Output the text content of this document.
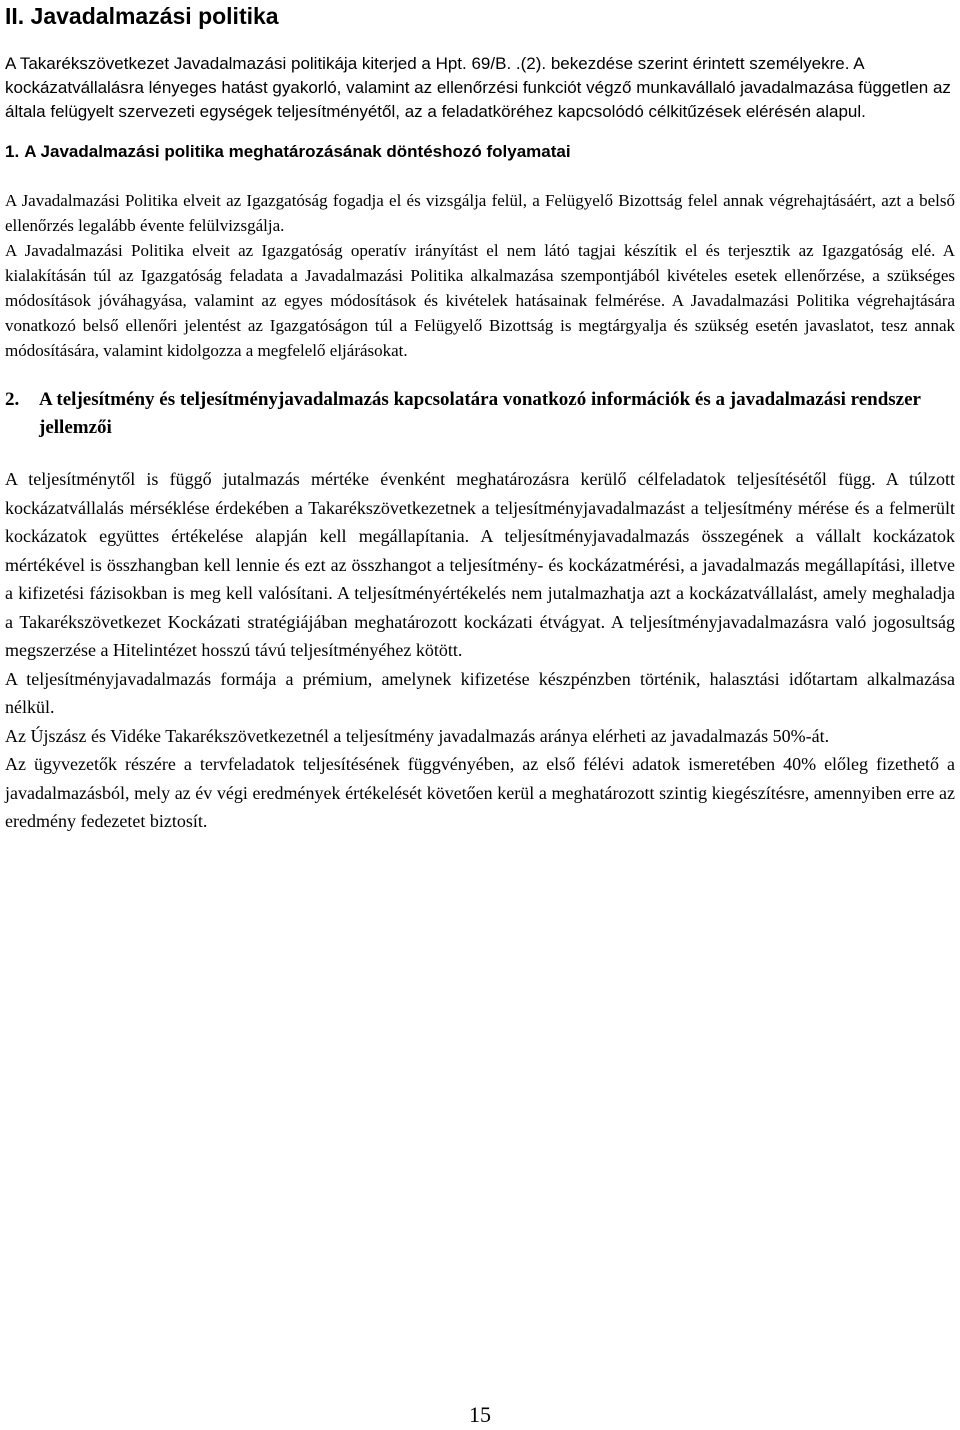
II. Javadalmazási politika

A Takarékszövetkezet Javadalmazási politikája kiterjed a Hpt. 69/B. .(2). bekezdése szerint érintett személyekre. A kockázatvállalásra lényeges hatást gyakorló, valamint az ellenőrzési funkciót végző munkavállaló javadalmazása független az általa felügyelt szervezeti egységek teljesítményétől, az a feladatköréhez kapcsolódó célkitűzések elérésén alapul.

1. A Javadalmazási politika meghatározásának döntéshozó folyamatai

A Javadalmazási Politika elveit az Igazgatóság fogadja el és vizsgálja felül, a Felügyelő Bizottság felel annak végrehajtásáért, azt a belső ellenőrzés legalább évente felülvizsgálja.

A Javadalmazási Politika elveit az Igazgatóság operatív irányítást el nem látó tagjai készítik el és terjesztik az Igazgatóság elé. A kialakításán túl az Igazgatóság feladata a Javadalmazási Politika alkalmazása szempontjából kivételes esetek ellenőrzése, a szükséges módosítások jóváhagyása, valamint az egyes módosítások és kivételek hatásainak felmérése. A Javadalmazási Politika végrehajtására vonatkozó belső ellenőri jelentést az Igazgatóságon túl a Felügyelő Bizottság is megtárgyalja és szükség esetén javaslatot, tesz annak módosítására, valamint kidolgozza a megfelelő eljárásokat.

2.	A teljesítmény és teljesítményjavadalmazás kapcsolatára vonatkozó információk és a javadalmazási rendszer jellemzői

A teljesítménytől is függő jutalmazás mértéke évenként meghatározásra kerülő célfeladatok teljesítésétől függ. A túlzott kockázatvállalás mérséklése érdekében a Takarékszövetkezetnek a teljesítményjavadalmazást a teljesítmény mérése és a felmerült kockázatok együttes értékelése alapján kell megállapítania. A teljesítményjavadalmazás összegének a vállalt kockázatok mértékével is összhangban kell lennie és ezt az összhangot a teljesítmény- és kockázatmérési, a javadalmazás megállapítási, illetve a kifizetési fázisokban is meg kell valósítani. A teljesítményértékelés nem jutalmazhatja azt a kockázatvállalást, amely meghaladja a Takarékszövetkezet Kockázati stratégiájában meghatározott kockázati étvágyat. A teljesítményjavadalmazásra való jogosultság megszerzése a Hitelintézet hosszú távú teljesítményéhez kötött.

A teljesítményjavadalmazás formája a prémium, amelynek kifizetése készpénzben történik, halasztási időtartam alkalmazása nélkül.

Az Újszász és Vidéke Takarékszövetkezetnél a teljesítmény javadalmazás aránya elérheti az javadalmazás 50%-át.

Az ügyvezetők részére a tervfeladatok teljesítésének függvényében, az első félévi adatok ismeretében 40% előleg fizethető a javadalmazásból, mely az év végi eredmények értékelését követően kerül a meghatározott szintig kiegészítésre, amennyiben erre az eredmény fedezetet biztosít.

15
